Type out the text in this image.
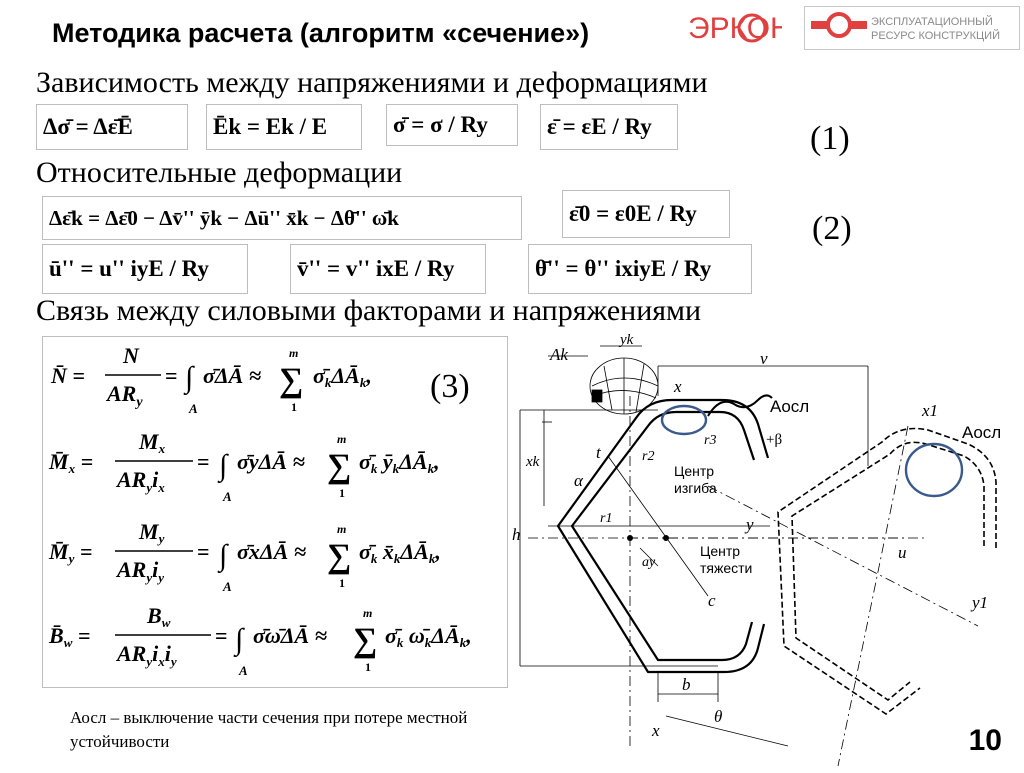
Методика расчета (алгоритм «сечение»)	ЭРКОН	ЭКСПЛУАТАЦИОННЫЙ
РЕСУРС КОНСТРУКЦИЙ
Зависимость между напряжениями и деформациями
Относительные деформации
Связь между силовыми факторами и напряжениями
Δσ̄ = Δε̄Ē	Ēk = Ek / E	σ̄ = σ / Ry	ε̄ = εE / Ry	(1)
Δε̄k = Δε̄0 − Δv̄'' ȳk − Δū'' x̄k − Δθ̄'' ω̄k	ε̄0 = ε0E / Ry	(2)
ū'' = u'' iyE / Ry	v̄'' = v'' ixE / Ry	θ̄'' = θ'' ixiyE / Ry
N̄ =
N
$AR_y$
= ∫
A
σ̄ΔĀ ≈ ∑
m
1
σ̄kΔĀk,
M̄x =
Mx
$AR_yi_x$
= ∫
A
σ̄yΔĀ ≈ ∑
m
1
σ̄k ȳkΔĀk,
M̄y =
My
$AR_yi_y$
= ∫
A
σ̄xΔĀ ≈ ∑
m
1
σ̄k x̄kΔĀk,
B̄w =
Bw
$AR_yi_xi_y$
= ∫
A
σ̄ω̄ΔĀ ≈ ∑
m
1
σ̄k ω̄kΔĀk,
(3)
Ak
yk
v
x
Аосл
r3	+β
r2
t
xk
α	Центр изгиба
r1	y
h
ay
Центр тяжести
u
c
b
θ
x
x1
Аосл
y1
Аосл – выключение части сечения при потере местной устойчивости	10
